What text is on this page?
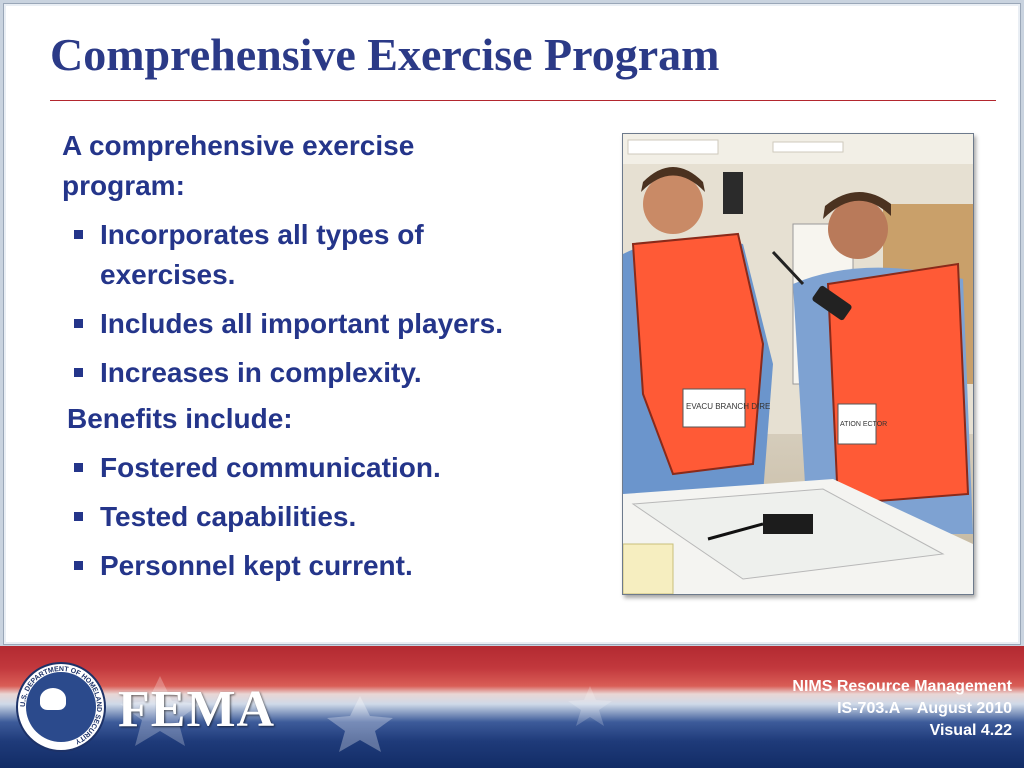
Comprehensive Exercise Program
A comprehensive exercise program:
Incorporates all types of exercises.
Includes all important players.
Increases in complexity.
Benefits include:
Fostered communication.
Tested capabilities.
Personnel kept current.
EVACU BRANCH DIRE
ATION ECTOR
U.S. DEPARTMENT OF HOMELAND SECURITY
FEMA	NIMS Resource Management
IS-703.A – August 2010
Visual 4.22
